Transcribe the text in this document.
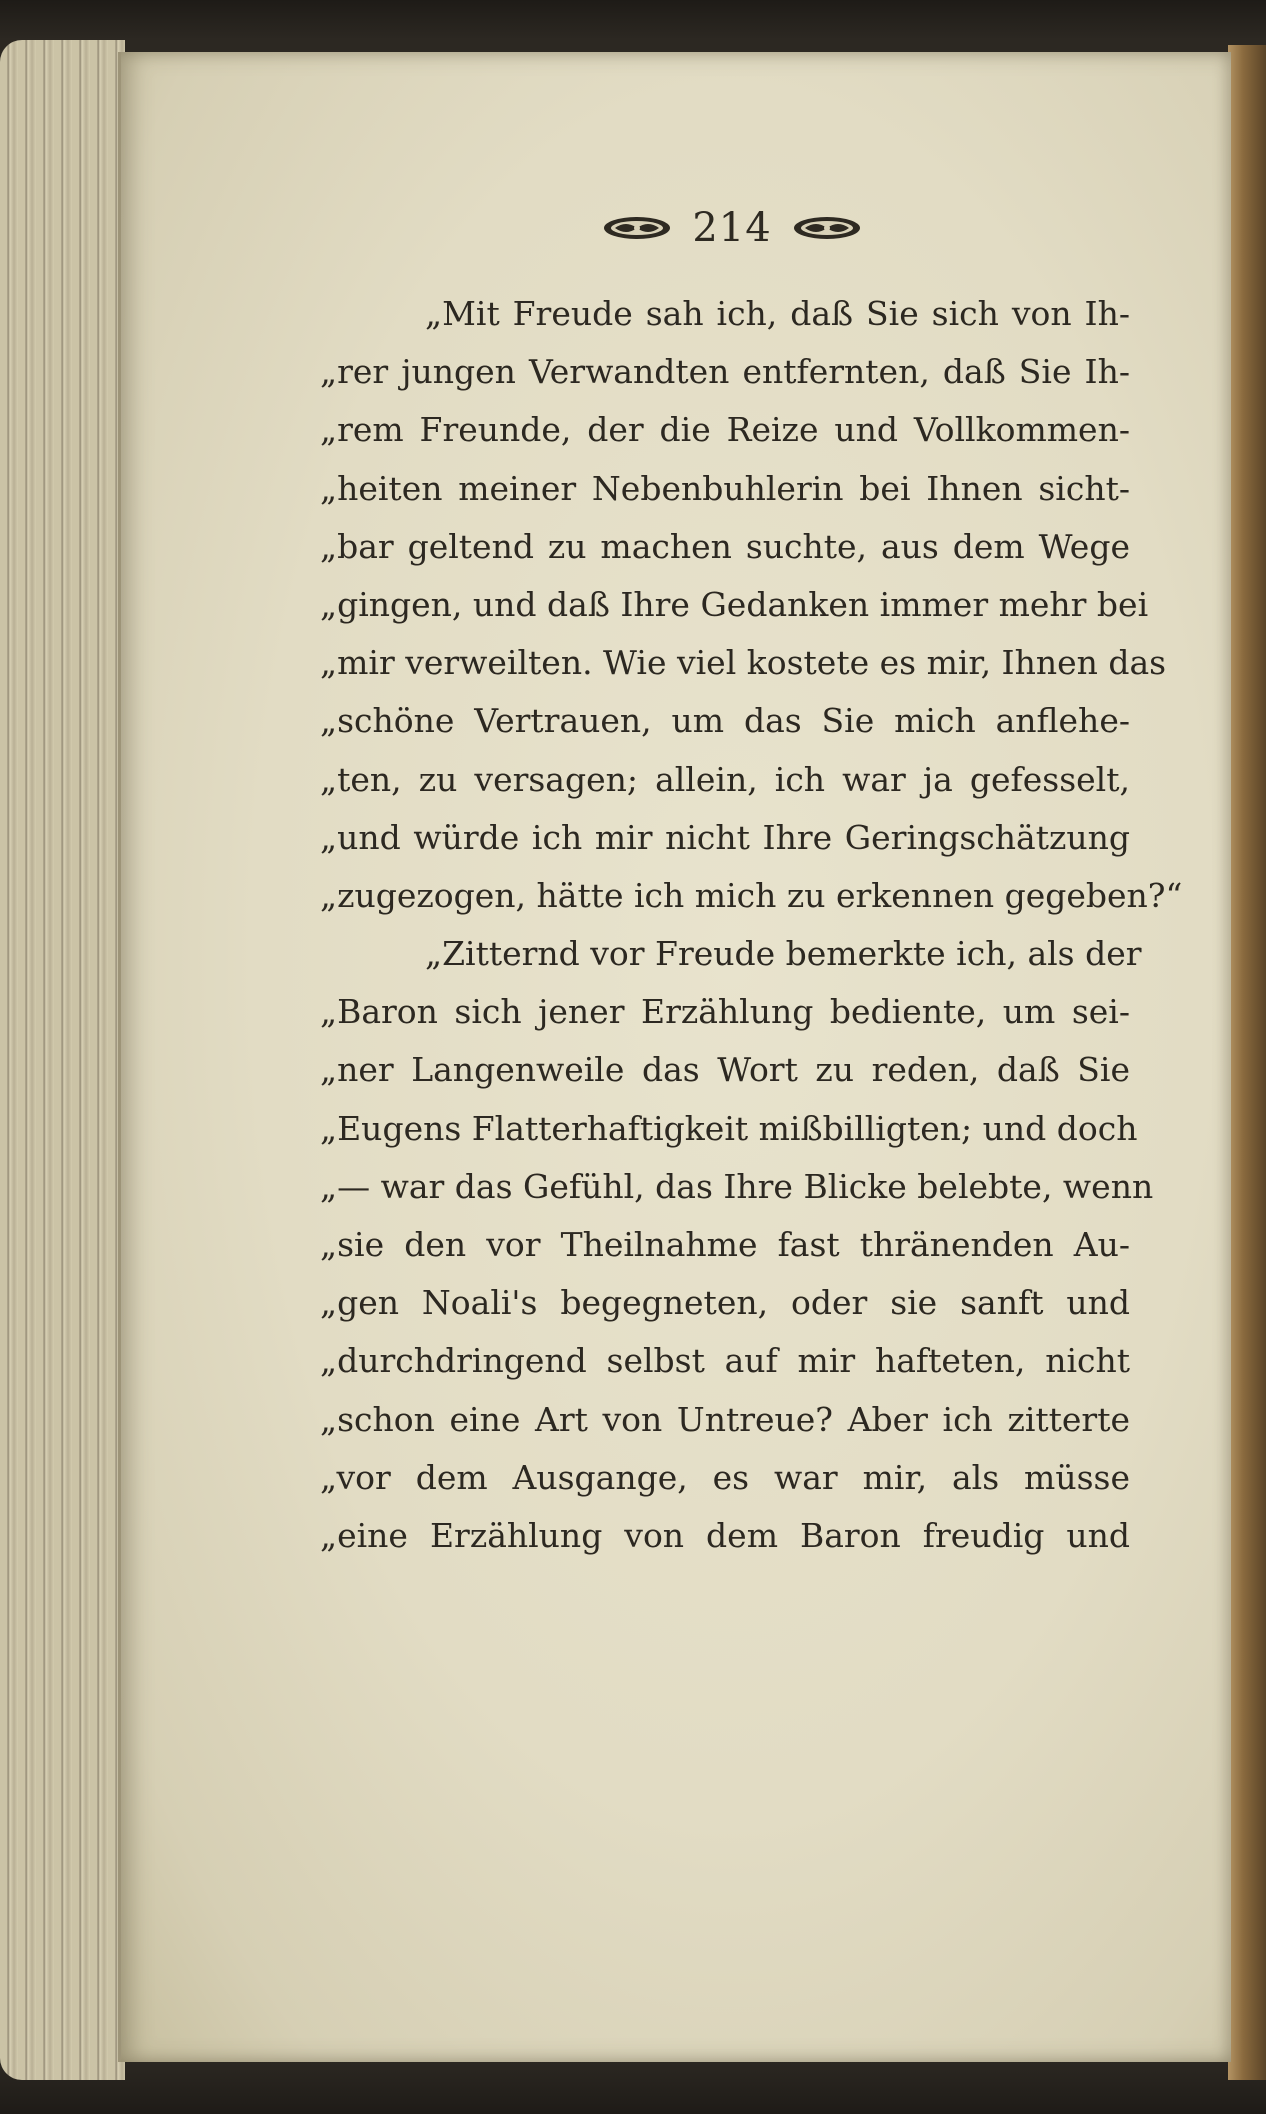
214
„Mit Freude sah ich, daß Sie sich von Ih-
„rer jungen Verwandten entfernten, daß Sie Ih-
„rem Freunde, der die Reize und Vollkommen-
„heiten meiner Nebenbuhlerin bei Ihnen sicht-
„bar geltend zu machen suchte, aus dem Wege
„gingen, und daß Ihre Gedanken immer mehr bei
„mir verweilten. Wie viel kostete es mir, Ihnen das
„schöne Vertrauen, um das Sie mich anflehe-
„ten, zu versagen; allein, ich war ja gefesselt,
„und würde ich mir nicht Ihre Geringschätzung
„zugezogen, hätte ich mich zu erkennen gegeben?“
„Zitternd vor Freude bemerkte ich, als der
„Baron sich jener Erzählung bediente, um sei-
„ner Langenweile das Wort zu reden, daß Sie
„Eugens Flatterhaftigkeit mißbilligten; und doch
„— war das Gefühl, das Ihre Blicke belebte, wenn
„sie den vor Theilnahme fast thränenden Au-
„gen Noali's begegneten, oder sie sanft und
„durchdringend selbst auf mir hafteten, nicht
„schon eine Art von Untreue? Aber ich zitterte
„vor dem Ausgange, es war mir, als müsse
„eine Erzählung von dem Baron freudig und
